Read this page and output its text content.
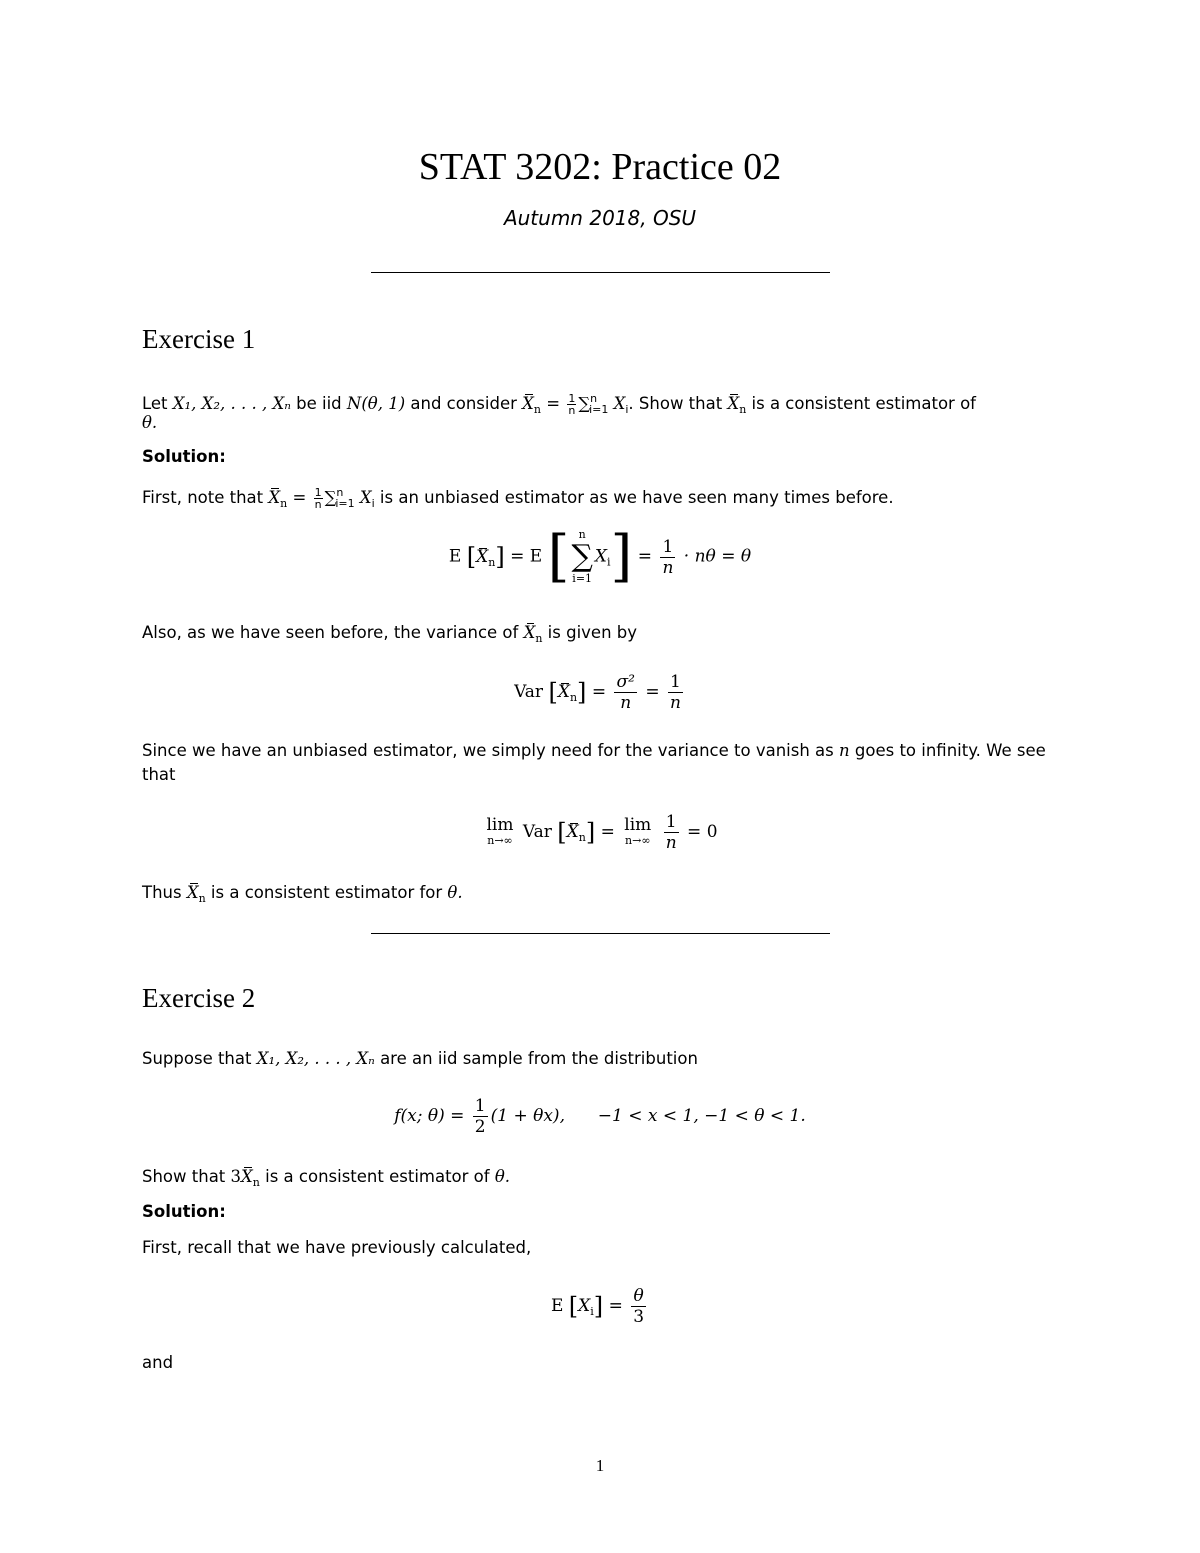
STAT 3202: Practice 02
Autumn 2018, OSU
Exercise 1
Let X₁, X₂, . . . , Xₙ be iid N(θ, 1) and consider $X_n = \frac{1}{n} \sum^n_{i=1}$ $X_i$. Show that $X_n$ is a consistent estimator of
θ.
Solution:
First, note that $X_n = \frac{1}{n} \sum^n_{i=1}$ $X_i$ is an unbiased estimator as we have seen many times before.
E $[X_n] = E$ [ n
∑
i=1
$X_i] = \frac{1}{n} \cdot n\theta = \theta$
Also, as we have seen before, the variance of $X_n$ is given by
Var $[X_n] = \frac{\text{σ²}}{n} = \frac{1}{n}$
Since we have an unbiased estimator, we simply need for the variance to vanish as n goes to infinity. We see
that
lim
n→∞ Var $[X_n] = \lim$
n→∞
$\frac{1}{n} = 0$
Thus $X_n$ is a consistent estimator for θ.
Exercise 2
Suppose that X₁, X₂, . . . , Xₙ are an iid sample from the distribution
f(x; $\theta) = \frac{1}{2} (1 + \theta x)$, −1 < x < 1, −1 < θ < 1.
Show that $3X_n$ is a consistent estimator of θ.
Solution:
First, recall that we have previously calculated,
E $[X_i] = \frac{\theta}{3}$
and
1
